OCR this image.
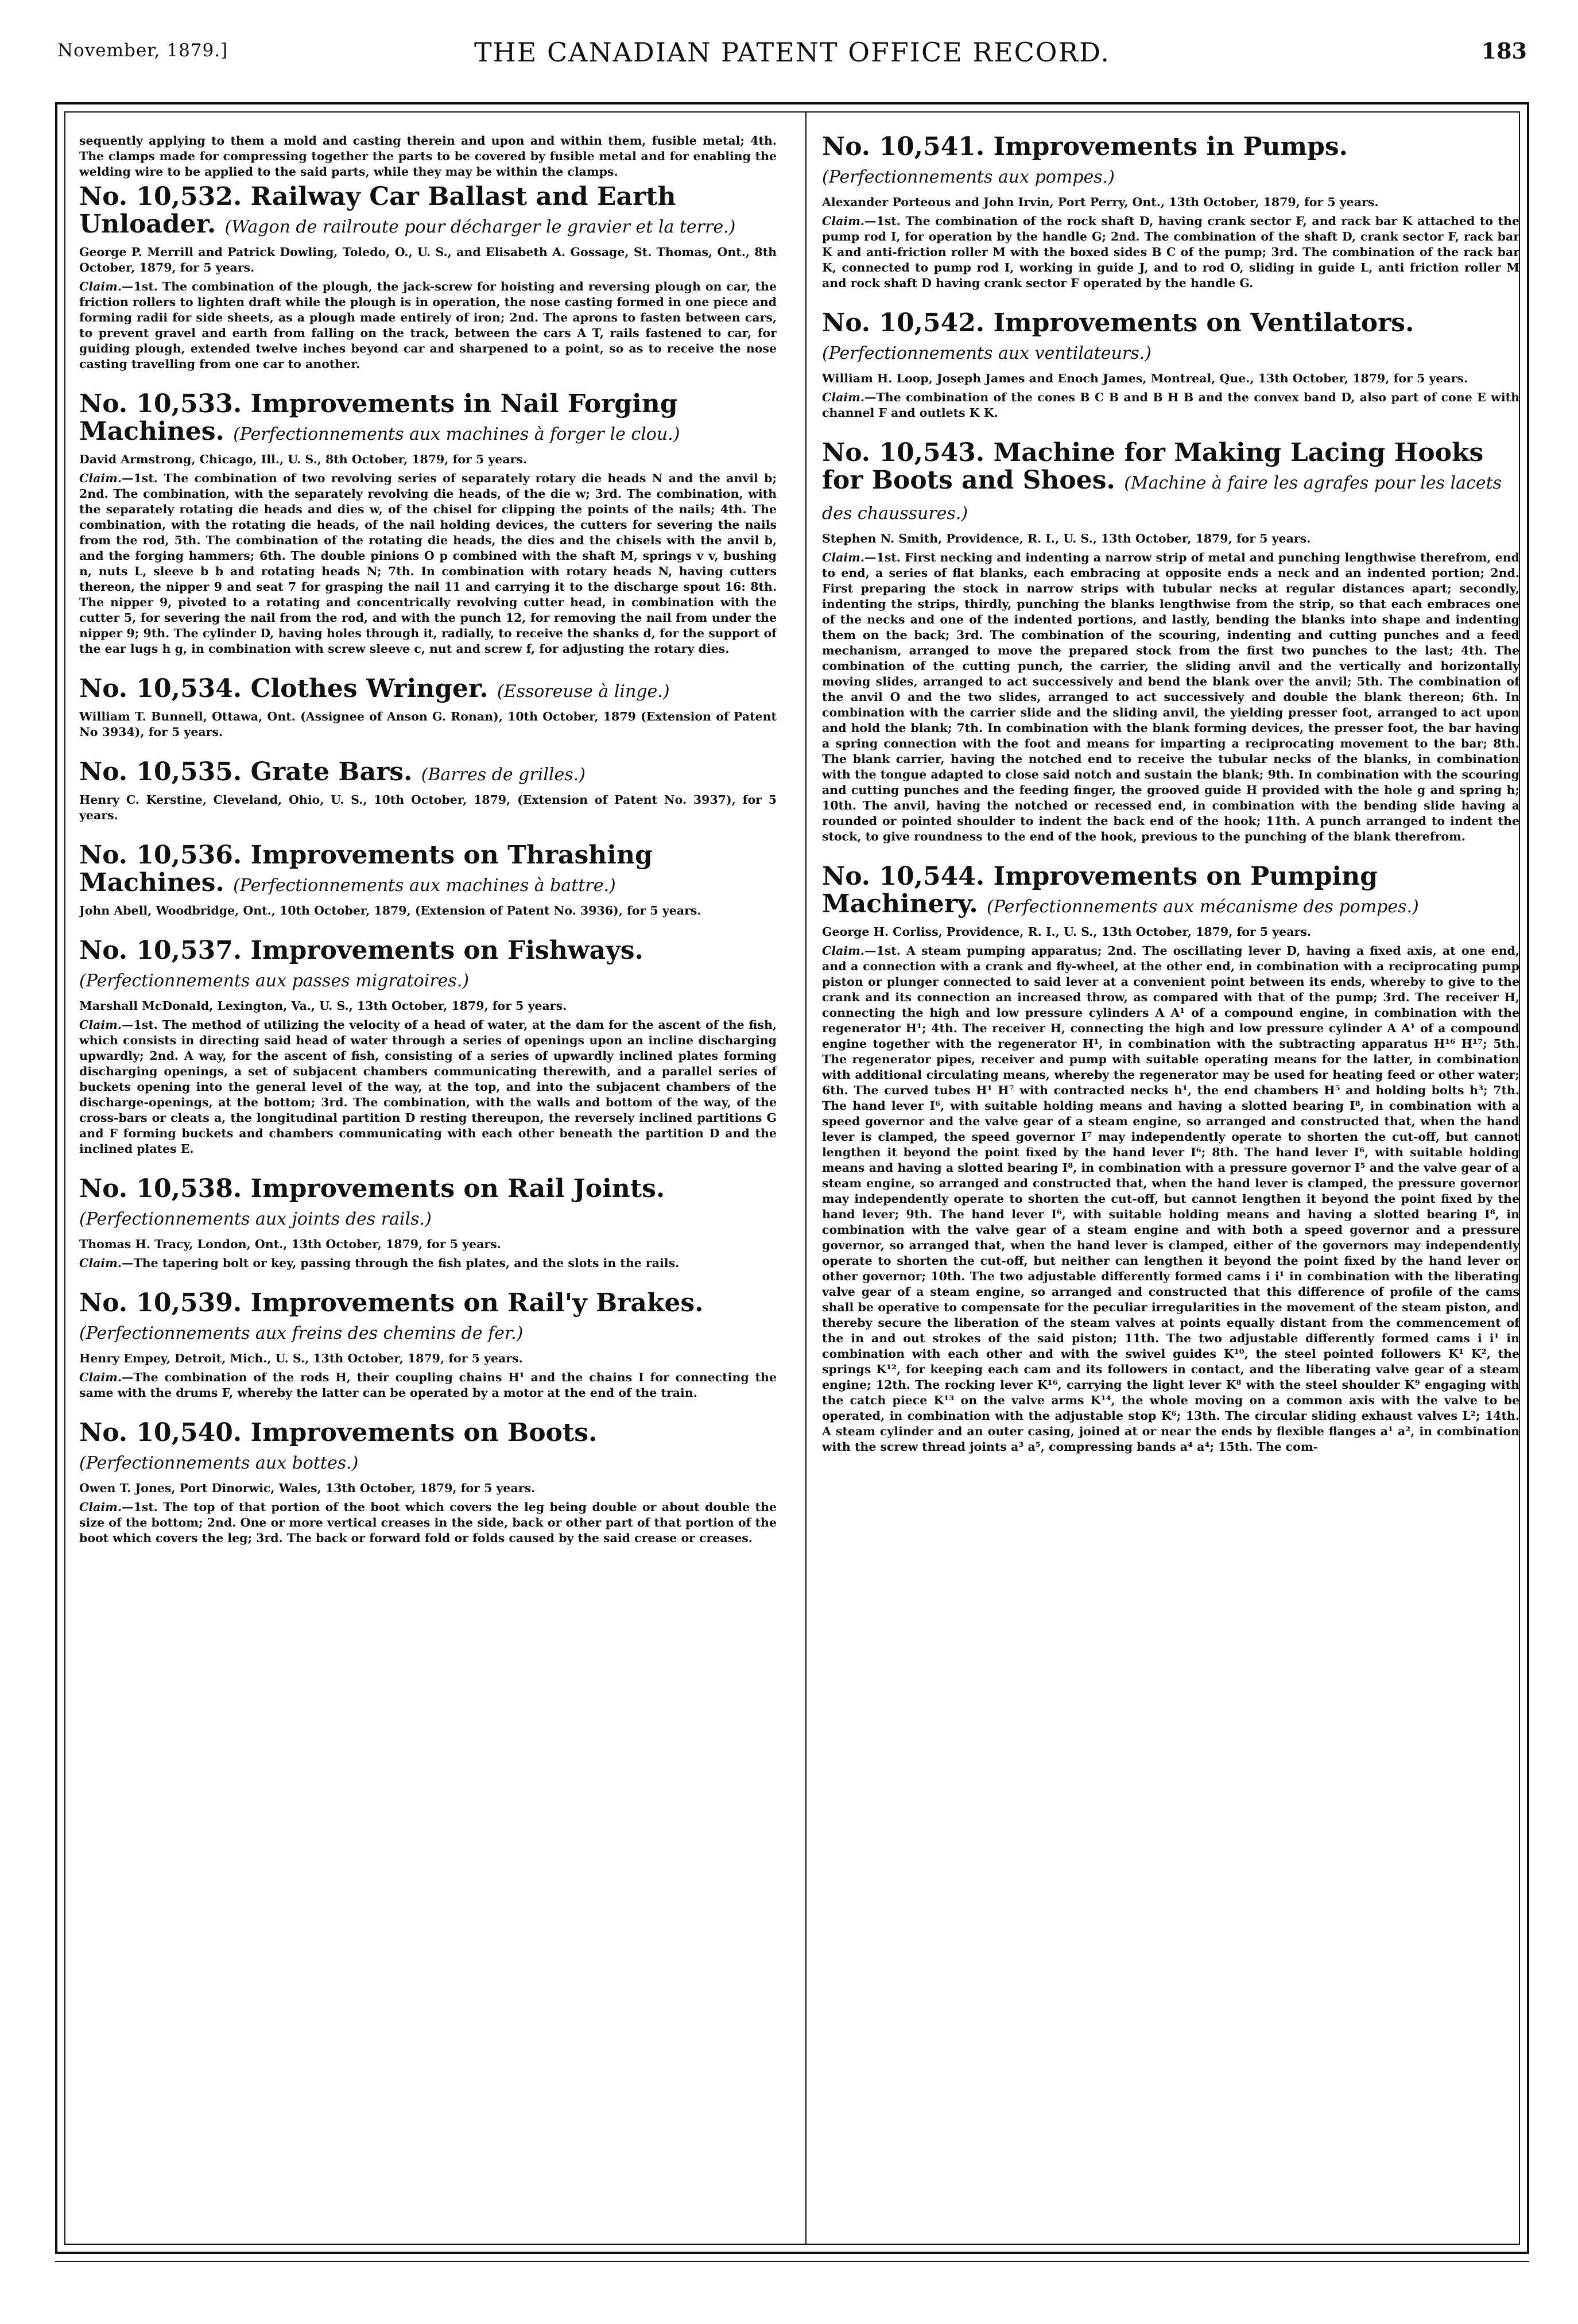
November, 1879.]	THE CANADIAN PATENT OFFICE RECORD.	183

sequently applying to them a mold and casting therein and upon and within them, fusible metal; 4th. The clamps made for compressing together the parts to be covered by fusible metal and for enabling the welding wire to be applied to the said parts, while they may be within the clamps.

No. 10,532. Railway Car Ballast and Earth Unloader. (Wagon de railroute pour décharger le gravier et la terre.)

George P. Merrill and Patrick Dowling, Toledo, O., U. S., and Elisabeth A. Gossage, St. Thomas, Ont., 8th October, 1879, for 5 years.

Claim.—1st. The combination of the plough, the jack-screw for hoisting and reversing plough on car, the friction rollers to lighten draft while the plough is in operation, the nose casting formed in one piece and forming radii for side sheets, as a plough made entirely of iron; 2nd. The aprons to fasten between cars, to prevent gravel and earth from falling on the track, between the cars A T, rails fastened to car, for guiding plough, extended twelve inches beyond car and sharpened to a point, so as to receive the nose casting travelling from one car to another.

No. 10,533. Improvements in Nail Forging Machines. (Perfectionnements aux machines à forger le clou.)

David Armstrong, Chicago, Ill., U. S., 8th October, 1879, for 5 years.

Claim.—1st. The combination of two revolving series of separately rotary die heads N and the anvil b; 2nd. The combination, with the separately revolving die heads, of the die w; 3rd. The combination, with the separately rotating die heads and dies w, of the chisel for clipping the points of the nails; 4th. The combination, with the rotating die heads, of the nail holding devices, the cutters for severing the nails from the rod, 5th. The combination of the rotating die heads, the dies and the chisels with the anvil b, and the forging hammers; 6th. The double pinions O p combined with the shaft M, springs v v, bushing n, nuts L, sleeve b b and rotating heads N; 7th. In combination with rotary heads N, having cutters thereon, the nipper 9 and seat 7 for grasping the nail 11 and carrying it to the discharge spout 16: 8th. The nipper 9, pivoted to a rotating and concentrically revolving cutter head, in combination with the cutter 5, for severing the nail from the rod, and with the punch 12, for removing the nail from under the nipper 9; 9th. The cylinder D, having holes through it, radially, to receive the shanks d, for the support of the ear lugs h g, in combination with screw sleeve c, nut and screw f, for adjusting the rotary dies.

No. 10,534. Clothes Wringer. (Essoreuse à linge.)

William T. Bunnell, Ottawa, Ont. (Assignee of Anson G. Ronan), 10th October, 1879 (Extension of Patent No 3934), for 5 years.

No. 10,535. Grate Bars. (Barres de grilles.)

Henry C. Kerstine, Cleveland, Ohio, U. S., 10th October, 1879, (Extension of Patent No. 3937), for 5 years.

No. 10,536. Improvements on Thrashing Machines. (Perfectionnements aux machines à battre.)

John Abell, Woodbridge, Ont., 10th October, 1879, (Extension of Patent No. 3936), for 5 years.

No. 10,537. Improvements on Fishways. (Perfectionnements aux passes migratoires.)

Marshall McDonald, Lexington, Va., U. S., 13th October, 1879, for 5 years.

Claim.—1st. The method of utilizing the velocity of a head of water, at the dam for the ascent of the fish, which consists in directing said head of water through a series of openings upon an incline discharging upwardly; 2nd. A way, for the ascent of fish, consisting of a series of upwardly inclined plates forming discharging openings, a set of subjacent chambers communicating therewith, and a parallel series of buckets opening into the general level of the way, at the top, and into the subjacent chambers of the discharge-openings, at the bottom; 3rd. The combination, with the walls and bottom of the way, of the cross-bars or cleats a, the longitudinal partition D resting thereupon, the reversely inclined partitions G and F forming buckets and chambers communicating with each other beneath the partition D and the inclined plates E.

No. 10,538. Improvements on Rail Joints. (Perfectionnements aux joints des rails.)

Thomas H. Tracy, London, Ont., 13th October, 1879, for 5 years.

Claim.—The tapering bolt or key, passing through the fish plates, and the slots in the rails.

No. 10,539. Improvements on Rail'y Brakes. (Perfectionnements aux freins des chemins de fer.)

Henry Empey, Detroit, Mich., U. S., 13th October, 1879, for 5 years.

Claim.—The combination of the rods H, their coupling chains H¹ and the chains I for connecting the same with the drums F, whereby the latter can be operated by a motor at the end of the train.

No. 10,540. Improvements on Boots. (Perfectionnements aux bottes.)

Owen T. Jones, Port Dinorwic, Wales, 13th October, 1879, for 5 years.

Claim.—1st. The top of that portion of the boot which covers the leg being double or about double the size of the bottom; 2nd. One or more vertical creases in the side, back or other part of that portion of the boot which covers the leg; 3rd. The back or forward fold or folds caused by the said crease or creases.

No. 10,541. Improvements in Pumps. (Perfectionnements aux pompes.)

Alexander Porteous and John Irvin, Port Perry, Ont., 13th October, 1879, for 5 years.

Claim.—1st. The combination of the rock shaft D, having crank sector F, and rack bar K attached to the pump rod I, for operation by the handle G; 2nd. The combination of the shaft D, crank sector F, rack bar K and anti-friction roller M with the boxed sides B C of the pump; 3rd. The combination of the rack bar K, connected to pump rod I, working in guide J, and to rod O, sliding in guide L, anti friction roller M and rock shaft D having crank sector F operated by the handle G.

No. 10,542. Improvements on Ventilators. (Perfectionnements aux ventilateurs.)

William H. Loop, Joseph James and Enoch James, Montreal, Que., 13th October, 1879, for 5 years.

Claim.—The combination of the cones B C B and B H B and the convex band D, also part of cone E with channel F and outlets K K.

No. 10,543. Machine for Making Lacing Hooks for Boots and Shoes. (Machine à faire les agrafes pour les lacets des chaussures.)

Stephen N. Smith, Providence, R. I., U. S., 13th October, 1879, for 5 years.

Claim.—1st. First necking and indenting a narrow strip of metal and punching lengthwise therefrom, end to end, a series of flat blanks, each embracing at opposite ends a neck and an indented portion; 2nd. First preparing the stock in narrow strips with tubular necks at regular distances apart; secondly, indenting the strips, thirdly, punching the blanks lengthwise from the strip, so that each embraces one of the necks and one of the indented portions, and lastly, bending the blanks into shape and indenting them on the back; 3rd. The combination of the scouring, indenting and cutting punches and a feed mechanism, arranged to move the prepared stock from the first two punches to the last; 4th. The combination of the cutting punch, the carrier, the sliding anvil and the vertically and horizontally moving slides, arranged to act successively and bend the blank over the anvil; 5th. The combination of the anvil O and the two slides, arranged to act successively and double the blank thereon; 6th. In combination with the carrier slide and the sliding anvil, the yielding presser foot, arranged to act upon and hold the blank; 7th. In combination with the blank forming devices, the presser foot, the bar having a spring connection with the foot and means for imparting a reciprocating movement to the bar; 8th. The blank carrier, having the notched end to receive the tubular necks of the blanks, in combination with the tongue adapted to close said notch and sustain the blank; 9th. In combination with the scouring and cutting punches and the feeding finger, the grooved guide H provided with the hole g and spring h; 10th. The anvil, having the notched or recessed end, in combination with the bending slide having a rounded or pointed shoulder to indent the back end of the hook; 11th. A punch arranged to indent the stock, to give roundness to the end of the hook, previous to the punching of the blank therefrom.

No. 10,544. Improvements on Pumping Machinery. (Perfectionnements aux mécanisme des pompes.)

George H. Corliss, Providence, R. I., U. S., 13th October, 1879, for 5 years.

Claim.—1st. A steam pumping apparatus; 2nd. The oscillating lever D, having a fixed axis, at one end, and a connection with a crank and fly-wheel, at the other end, in combination with a reciprocating pump piston or plunger connected to said lever at a convenient point between its ends, whereby to give to the crank and its connection an increased throw, as compared with that of the pump; 3rd. The receiver H, connecting the high and low pressure cylinders A A¹ of a compound engine, in combination with the regenerator H¹; 4th. The receiver H, connecting the high and low pressure cylinder A A¹ of a compound engine together with the regenerator H¹, in combination with the subtracting apparatus H¹⁶ H¹⁷; 5th. The regenerator pipes, receiver and pump with suitable operating means for the latter, in combination with additional circulating means, whereby the regenerator may be used for heating feed or other water; 6th. The curved tubes H¹ H⁷ with contracted necks h¹, the end chambers H⁵ and holding bolts h³; 7th. The hand lever I⁶, with suitable holding means and having a slotted bearing I⁸, in combination with a speed governor and the valve gear of a steam engine, so arranged and constructed that, when the hand lever is clamped, the speed governor I⁷ may independently operate to shorten the cut-off, but cannot lengthen it beyond the point fixed by the hand lever I⁶; 8th. The hand lever I⁶, with suitable holding means and having a slotted bearing I⁸, in combination with a pressure governor I⁵ and the valve gear of a steam engine, so arranged and constructed that, when the hand lever is clamped, the pressure governor may independently operate to shorten the cut-off, but cannot lengthen it beyond the point fixed by the hand lever; 9th. The hand lever I⁶, with suitable holding means and having a slotted bearing I⁸, in combination with the valve gear of a steam engine and with both a speed governor and a pressure governor, so arranged that, when the hand lever is clamped, either of the governors may independently operate to shorten the cut-off, but neither can lengthen it beyond the point fixed by the hand lever or other governor; 10th. The two adjustable differently formed cams i i¹ in combination with the liberating valve gear of a steam engine, so arranged and constructed that this difference of profile of the cams shall be operative to compensate for the peculiar irregularities in the movement of the steam piston, and thereby secure the liberation of the steam valves at points equally distant from the commencement of the in and out strokes of the said piston; 11th. The two adjustable differently formed cams i i¹ in combination with each other and with the swivel guides K¹⁰, the steel pointed followers K¹ K², the springs K¹², for keeping each cam and its followers in contact, and the liberating valve gear of a steam engine; 12th. The rocking lever K¹⁶, carrying the light lever K⁸ with the steel shoulder K⁹ engaging with the catch piece K¹³ on the valve arms K¹⁴, the whole moving on a common axis with the valve to be operated, in combination with the adjustable stop K⁶; 13th. The circular sliding exhaust valves L²; 14th. A steam cylinder and an outer casing, joined at or near the ends by flexible flanges a¹ a², in combination with the screw thread joints a³ a⁵, compressing bands a⁴ a⁴; 15th. The com-
